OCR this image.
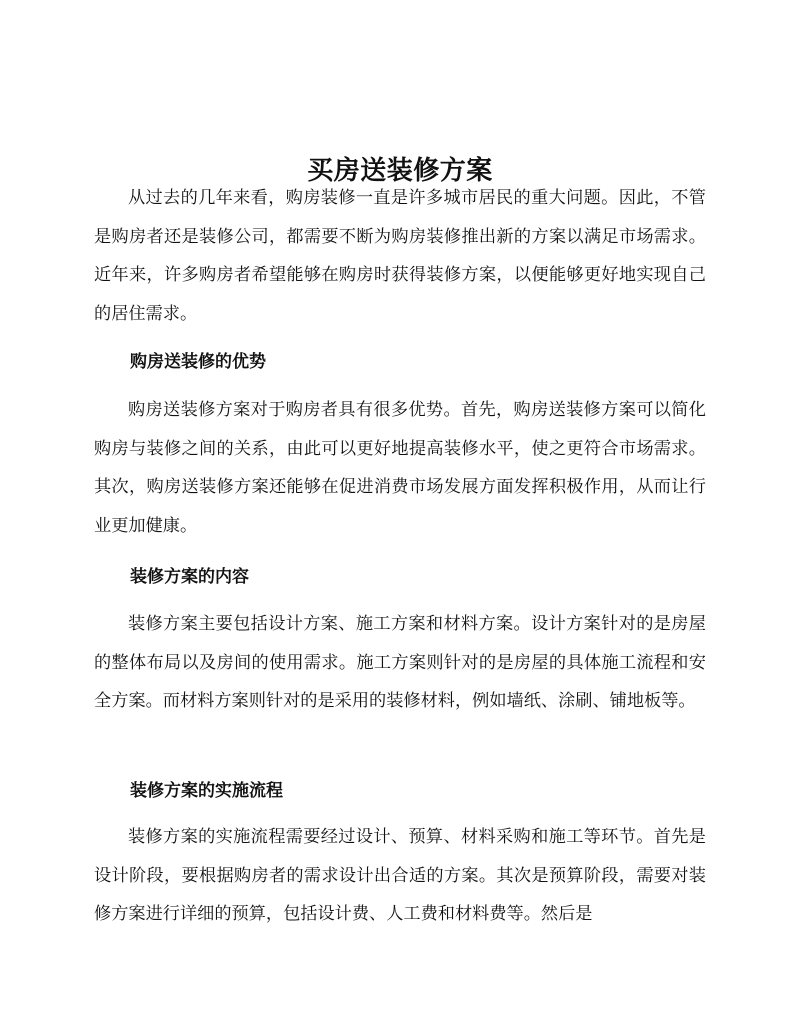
买房送装修方案

从过去的几年来看，购房装修一直是许多城市居民的重大问题。因此，不管是购房者还是装修公司，都需要不断为购房装修推出新的方案以满足市场需求。近年来，许多购房者希望能够在购房时获得装修方案，以便能够更好地实现自己的居住需求。

购房送装修的优势

购房送装修方案对于购房者具有很多优势。首先，购房送装修方案可以简化购房与装修之间的关系，由此可以更好地提高装修水平，使之更符合市场需求。其次，购房送装修方案还能够在促进消费市场发展方面发挥积极作用，从而让行业更加健康。

装修方案的内容

装修方案主要包括设计方案、施工方案和材料方案。设计方案针对的是房屋的整体布局以及房间的使用需求。施工方案则针对的是房屋的具体施工流程和安全方案。而材料方案则针对的是采用的装修材料，例如墙纸、涂刷、铺地板等。

装修方案的实施流程

装修方案的实施流程需要经过设计、预算、材料采购和施工等环节。首先是设计阶段，要根据购房者的需求设计出合适的方案。其次是预算阶段，需要对装修方案进行详细的预算，包括设计费、人工费和材料费等。然后是
